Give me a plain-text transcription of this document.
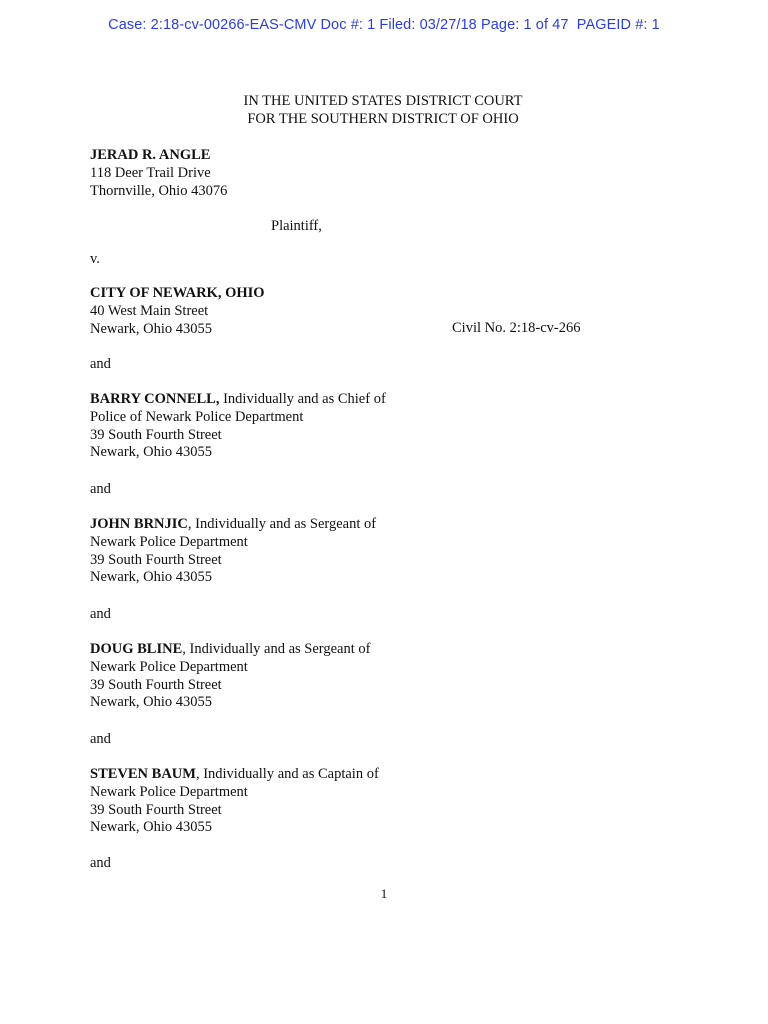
Case: 2:18-cv-00266-EAS-CMV Doc #: 1 Filed: 03/27/18 Page: 1 of 47  PAGEID #: 1
IN THE UNITED STATES DISTRICT COURT
FOR THE SOUTHERN DISTRICT OF OHIO
JERAD R. ANGLE
118 Deer Trail Drive
Thornville, Ohio 43076
Plaintiff,
v.
CITY OF NEWARK, OHIO
40 West Main Street
Newark, Ohio 43055	Civil No. 2:18-cv-266
and
BARRY CONNELL, Individually and as Chief of
Police of Newark Police Department
39 South Fourth Street
Newark, Ohio 43055
and
JOHN BRNJIC, Individually and as Sergeant of
Newark Police Department
39 South Fourth Street
Newark, Ohio 43055
and
DOUG BLINE, Individually and as Sergeant of
Newark Police Department
39 South Fourth Street
Newark, Ohio 43055
and
STEVEN BAUM, Individually and as Captain of
Newark Police Department
39 South Fourth Street
Newark, Ohio 43055
and
1
